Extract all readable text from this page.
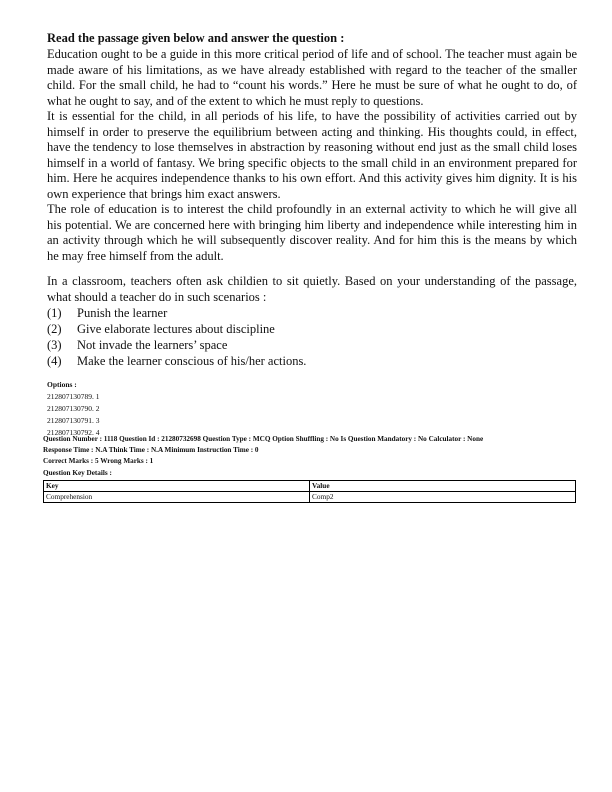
Read the passage given below and answer the question :

Education ought to be a guide in this more critical period of life and of school. The teacher must again be made aware of his limitations, as we have already established with regard to the teacher of the smaller child. For the small child, he had to “count his words.” Here he must be sure of what he ought to do, of what he ought to say, and of the extent to which he must reply to questions.

It is essential for the child, in all periods of his life, to have the possibility of activities carried out by himself in order to preserve the equilibrium between acting and thinking. His thoughts could, in effect, have the tendency to lose themselves in abstraction by reasoning without end just as the small child loses himself in a world of fantasy. We bring specific objects to the small child in an environment prepared for him. Here he acquires independence thanks to his own effort. And this activity gives him dignity. It is his own experience that brings him exact answers.

The role of education is to interest the child profoundly in an external activity to which he will give all his potential. We are concerned here with bringing him liberty and independence while interesting him in an activity through which he will subsequently discover reality. And for him this is the means by which he may free himself from the adult.

In a classroom, teachers often ask childien to sit quietly. Based on your understanding of the passage, what should a teacher do in such scenarios :

(1)	Punish the learner
(2)	Give elaborate lectures about discipline
(3)	Not invade the learners’ space
(4)	Make the learner conscious of his/her actions.
Options :
212807130789. 1
212807130790. 2
212807130791. 3
212807130792. 4
Question Number : 1118 Question Id : 21280732698 Question Type : MCQ Option Shuffling : No Is Question Mandatory : No Calculator : None
Response Time : N.A Think Time : N.A Minimum Instruction Time : 0
Correct Marks : 5 Wrong Marks : 1
Question Key Details :
Key	Value
Comprehension	Comp2
